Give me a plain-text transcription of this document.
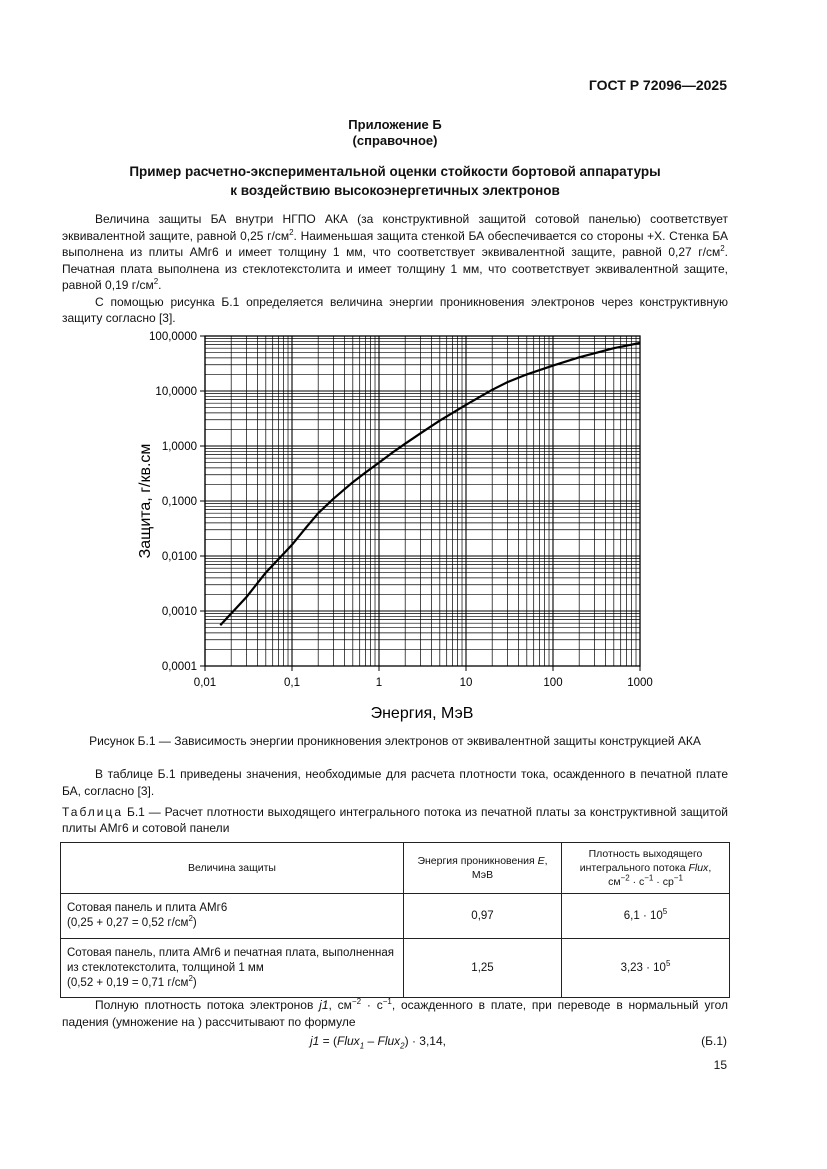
ГОСТ Р 72096—2025
Приложение Б
(справочное)
Пример расчетно-экспериментальной оценки стойкости бортовой аппаратуры
к воздействию высокоэнергетичных электронов

Величина защиты БА внутри НГПО АКА (за конструктивной защитой сотовой панелью) соответствует эквивалентной защите, равной 0,25 $г/см^2$. Наименьшая защита стенкой БА обеспечивается со стороны +X. Стенка БА выполнена из плиты АМг6 и имеет толщину 1 мм, что соответствует эквивалентной защите, равной 0,27 $г/см^2$. Печатная плата выполнена из стеклотекстолита и имеет толщину 1 мм, что соответствует эквивалентной защите, равной 0,19 $г/см^2$.

С помощью рисунка Б.1 определяется величина энергии проникновения электронов через конструктивную защиту согласно [3].

0,0001
0,0010
0,0100
0,1000
1,0000
10,0000
100,0000
0,01	0,1	1	10	100	1000
Энергия, МэВ
Защита, г/кв.см
Рисунок Б.1 — Зависимость энергии проникновения электронов от эквивалентной защиты конструкцией АКА

В таблице Б.1 приведены значения, необходимые для расчета плотности тока, осажденного в печатной плате БА, согласно [3].

Таблица Б.1 — Расчет плотности выходящего интегрального потока из печатной платы за конструктивной защитой плиты АМг6 и сотовой панели
Величина защиты	Энергия проникновения E, МэВ	Плотность выходящего интегрального потока Flux,
$см^{-2} \cdot с^{-1} \cdot ср^{-1}$
Сотовая панель и плита АМг6
(0,25 + 0,27 = 0,52 $г/см^2$)	0,97	$6,1 \cdot 10^5$
Сотовая панель, плита АМг6 и печатная плата, выполненная из стеклотекстолита, толщиной 1 мм
(0,52 + 0,19 = 0,71 $г/см^2$)	1,25	$3,23 \cdot 10^5$

Полную плотность потока электронов j1, $см^{-2} \cdot с^{-1}$, осажденного в плате, при переводе в нормальный угол падения (умножение на ) рассчитывают по формуле

j1 = (Flux$_1$ – Flux$_2$) · 3,14,	(Б.1)
15
